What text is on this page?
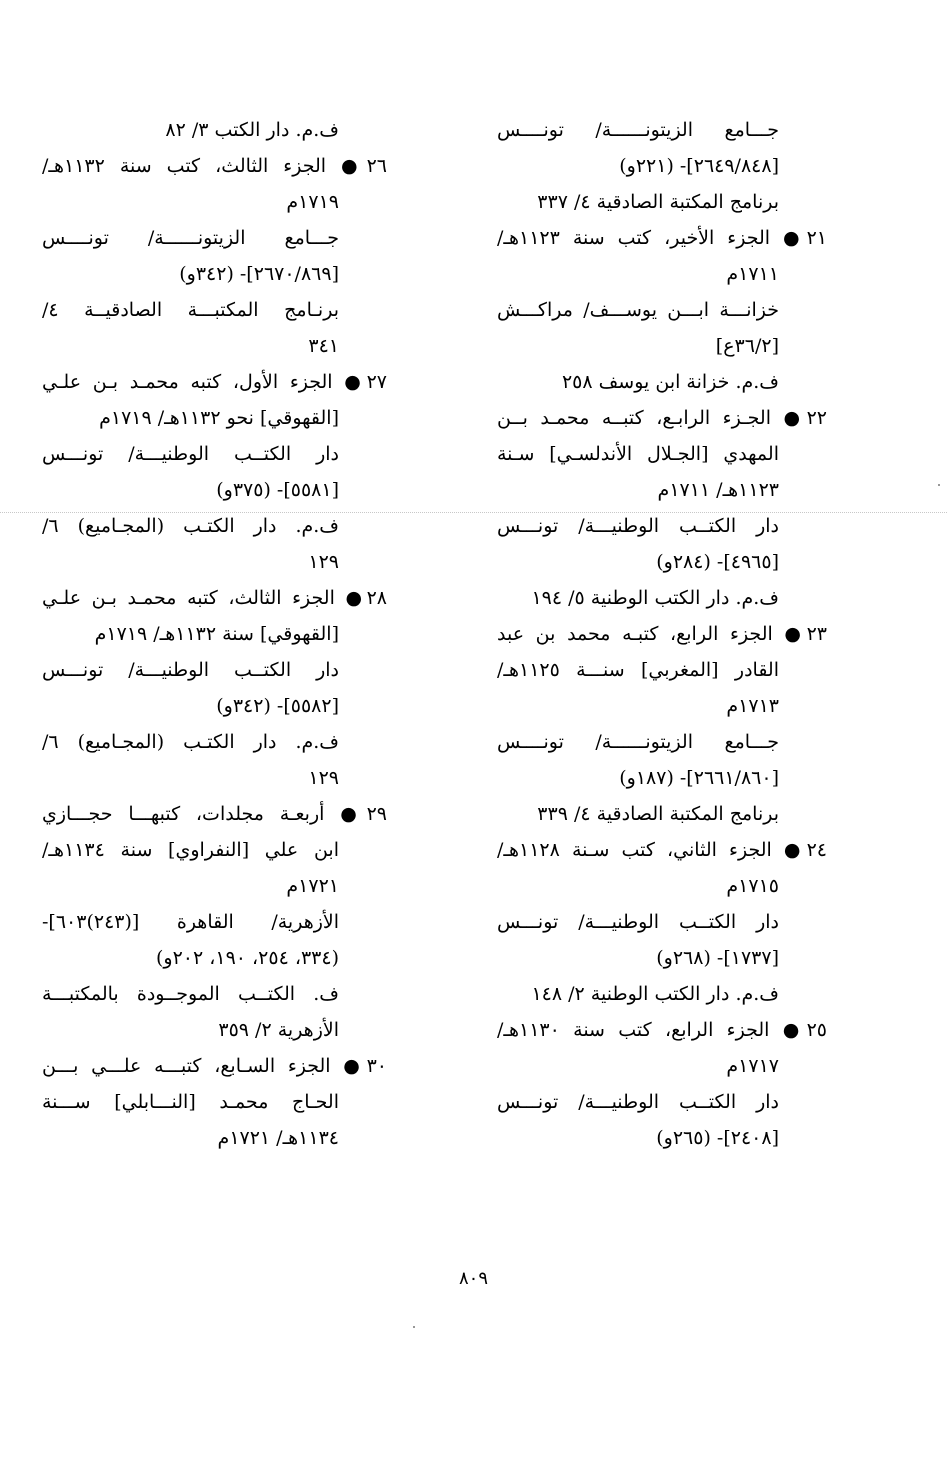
جـــامع الزيتونــــــة/ تونــــس
[٢٦٤٩/٨٤٨]- (٢٢١و)
برنامج المكتبة الصادقية ٤/ ٣٣٧
٢١● الجزء الأخير، كتب سنة ١١٢٣هـ/
١٧١١م
خزانـــة ابـــن يوســـف/ مراكـــش
[٣٦/٢ع]
ف.م. خزانة ابن يوسف ٢٥٨
٢٢● الجـزء الرابـع، كتبــه محمـد بــن
المهدي [الجـلال الأندلسـي] سـنة
١١٢٣هـ/ ١٧١١م
دار الكتــب الوطنيـــة/ تونـــس
[٤٩٦٥]- (٢٨٤و)
ف.م. دار الكتب الوطنية ٥/ ١٩٤
٢٣● الجزء الرابع، كتبـه محمد بن عبد
القادر [المغربي] سنـــة ١١٢٥هـ/
١٧١٣م
جـــامع الزيتونــــــة/ تونــــس
[٢٦٦١/٨٦٠]- (١٨٧و)
برنامج المكتبة الصادقية ٤/ ٣٣٩
٢٤● الجزء الثاني، كتب سـنة ١١٢٨هـ/
١٧١٥م
دار الكتــب الوطنيـــة/ تونـــس
[١٧٣٧]- (٢٦٨و)
ف.م. دار الكتب الوطنية ٢/ ١٤٨
٢٥● الجزء الرابع، كتب سنة ١١٣٠هـ/
١٧١٧م
دار الكتــب الوطنيـــة/ تونـــس
[٢٤٠٨]- (٢٦٥و)
ف.م. دار الكتب ٣/ ٨٢
٢٦● الجزء الثالث، كتب سنة ١١٣٢هـ/
١٧١٩م
جـــامع الزيتونــــــة/ تونــــس
[٢٦٧٠/٨٦٩]- (٣٤٢و)
برنـامج المكتبـــة الصادقيــة ٤/
٣٤١
٢٧● الجزء الأول، كتبه محمـد بـن علـي
[القهوقي] نحو ١١٣٢هـ/ ١٧١٩م
دار الكتــب الوطنيـــة/ تونـــس
[٥٥٨١]- (٣٧٥و)
ف.م. دار الكتـب (المجـاميع) ٦/
١٢٩
٢٨● الجزء الثالث، كتبه محمـد بـن علـي
[القهوقي] سنة ١١٣٢هـ/ ١٧١٩م
دار الكتــب الوطنيـــة/ تونـــس
[٥٥٨٢]- (٣٤٢و)
ف.م. دار الكتـب (المجـاميع) ٦/
١٢٩
٢٩● أربعـة مجلدات، كتبهـــا حجـــازي
ابن علي [النفراوي] سنة ١١٣٤هـ/
١٧٢١م
الأزهرية/ القاهرة [(٢٤٣)٦٠٣]-
(٣٣٤، ٢٥٤، ١٩٠، ٢٠٢و)
ف. الكتــب الموجــودة بالمكتبـــة
الأزهرية ٢/ ٣٥٩
٣٠● الجزء السـابع، كتبـــه علـــي بـــن
الحـاج محمـد [النـــابلي] ســـنة
١١٣٤هـ/ ١٧٢١م
٨٠٩
